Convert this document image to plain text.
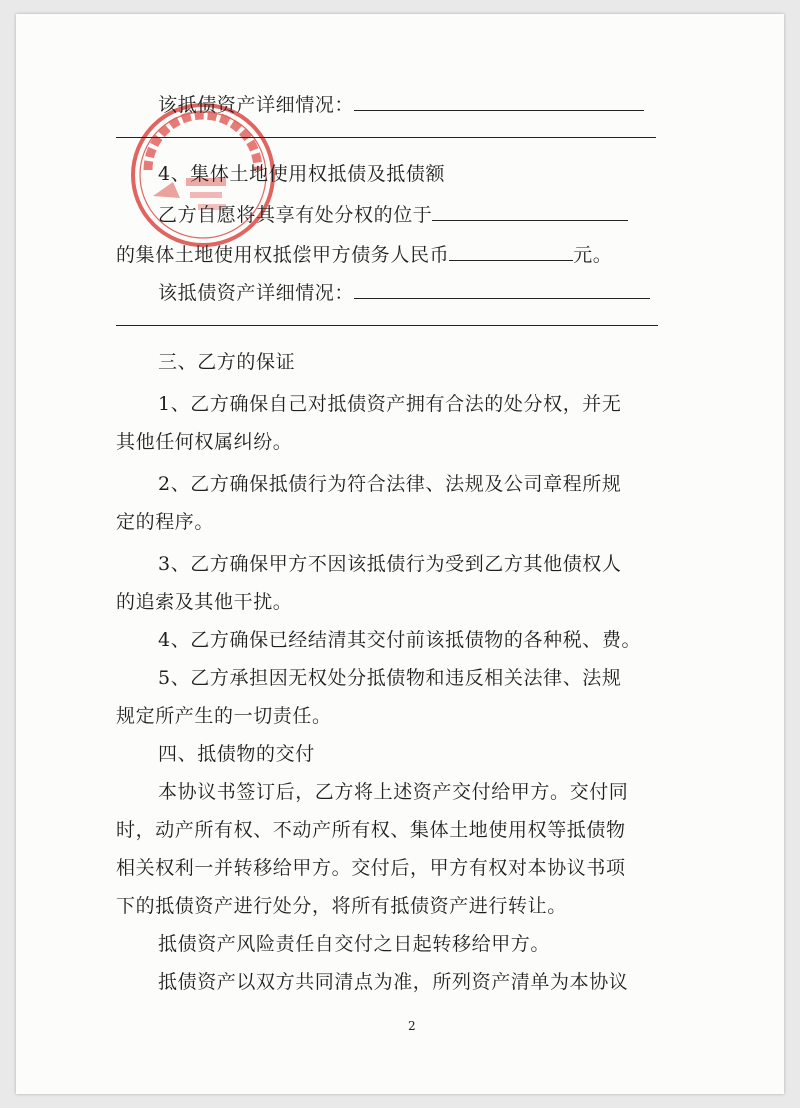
该抵债资产详细情况：
4、集体土地使用权抵债及抵债额
乙方自愿将其享有处分权的位于
的集体土地使用权抵偿甲方债务人民币	元。
该抵债资产详细情况：
三、乙方的保证
1、乙方确保自己对抵债资产拥有合法的处分权，并无
其他任何权属纠纷。
2、乙方确保抵债行为符合法律、法规及公司章程所规
定的程序。
3、乙方确保甲方不因该抵债行为受到乙方其他债权人
的追索及其他干扰。
4、乙方确保已经结清其交付前该抵债物的各种税、费。
5、乙方承担因无权处分抵债物和违反相关法律、法规
规定所产生的一切责任。
四、抵债物的交付
本协议书签订后，乙方将上述资产交付给甲方。交付同
时，动产所有权、不动产所有权、集体土地使用权等抵债物
相关权利一并转移给甲方。交付后，甲方有权对本协议书项
下的抵债资产进行处分，将所有抵债资产进行转让。
抵债资产风险责任自交付之日起转移给甲方。
抵债资产以双方共同清点为准，所列资产清单为本协议
2
